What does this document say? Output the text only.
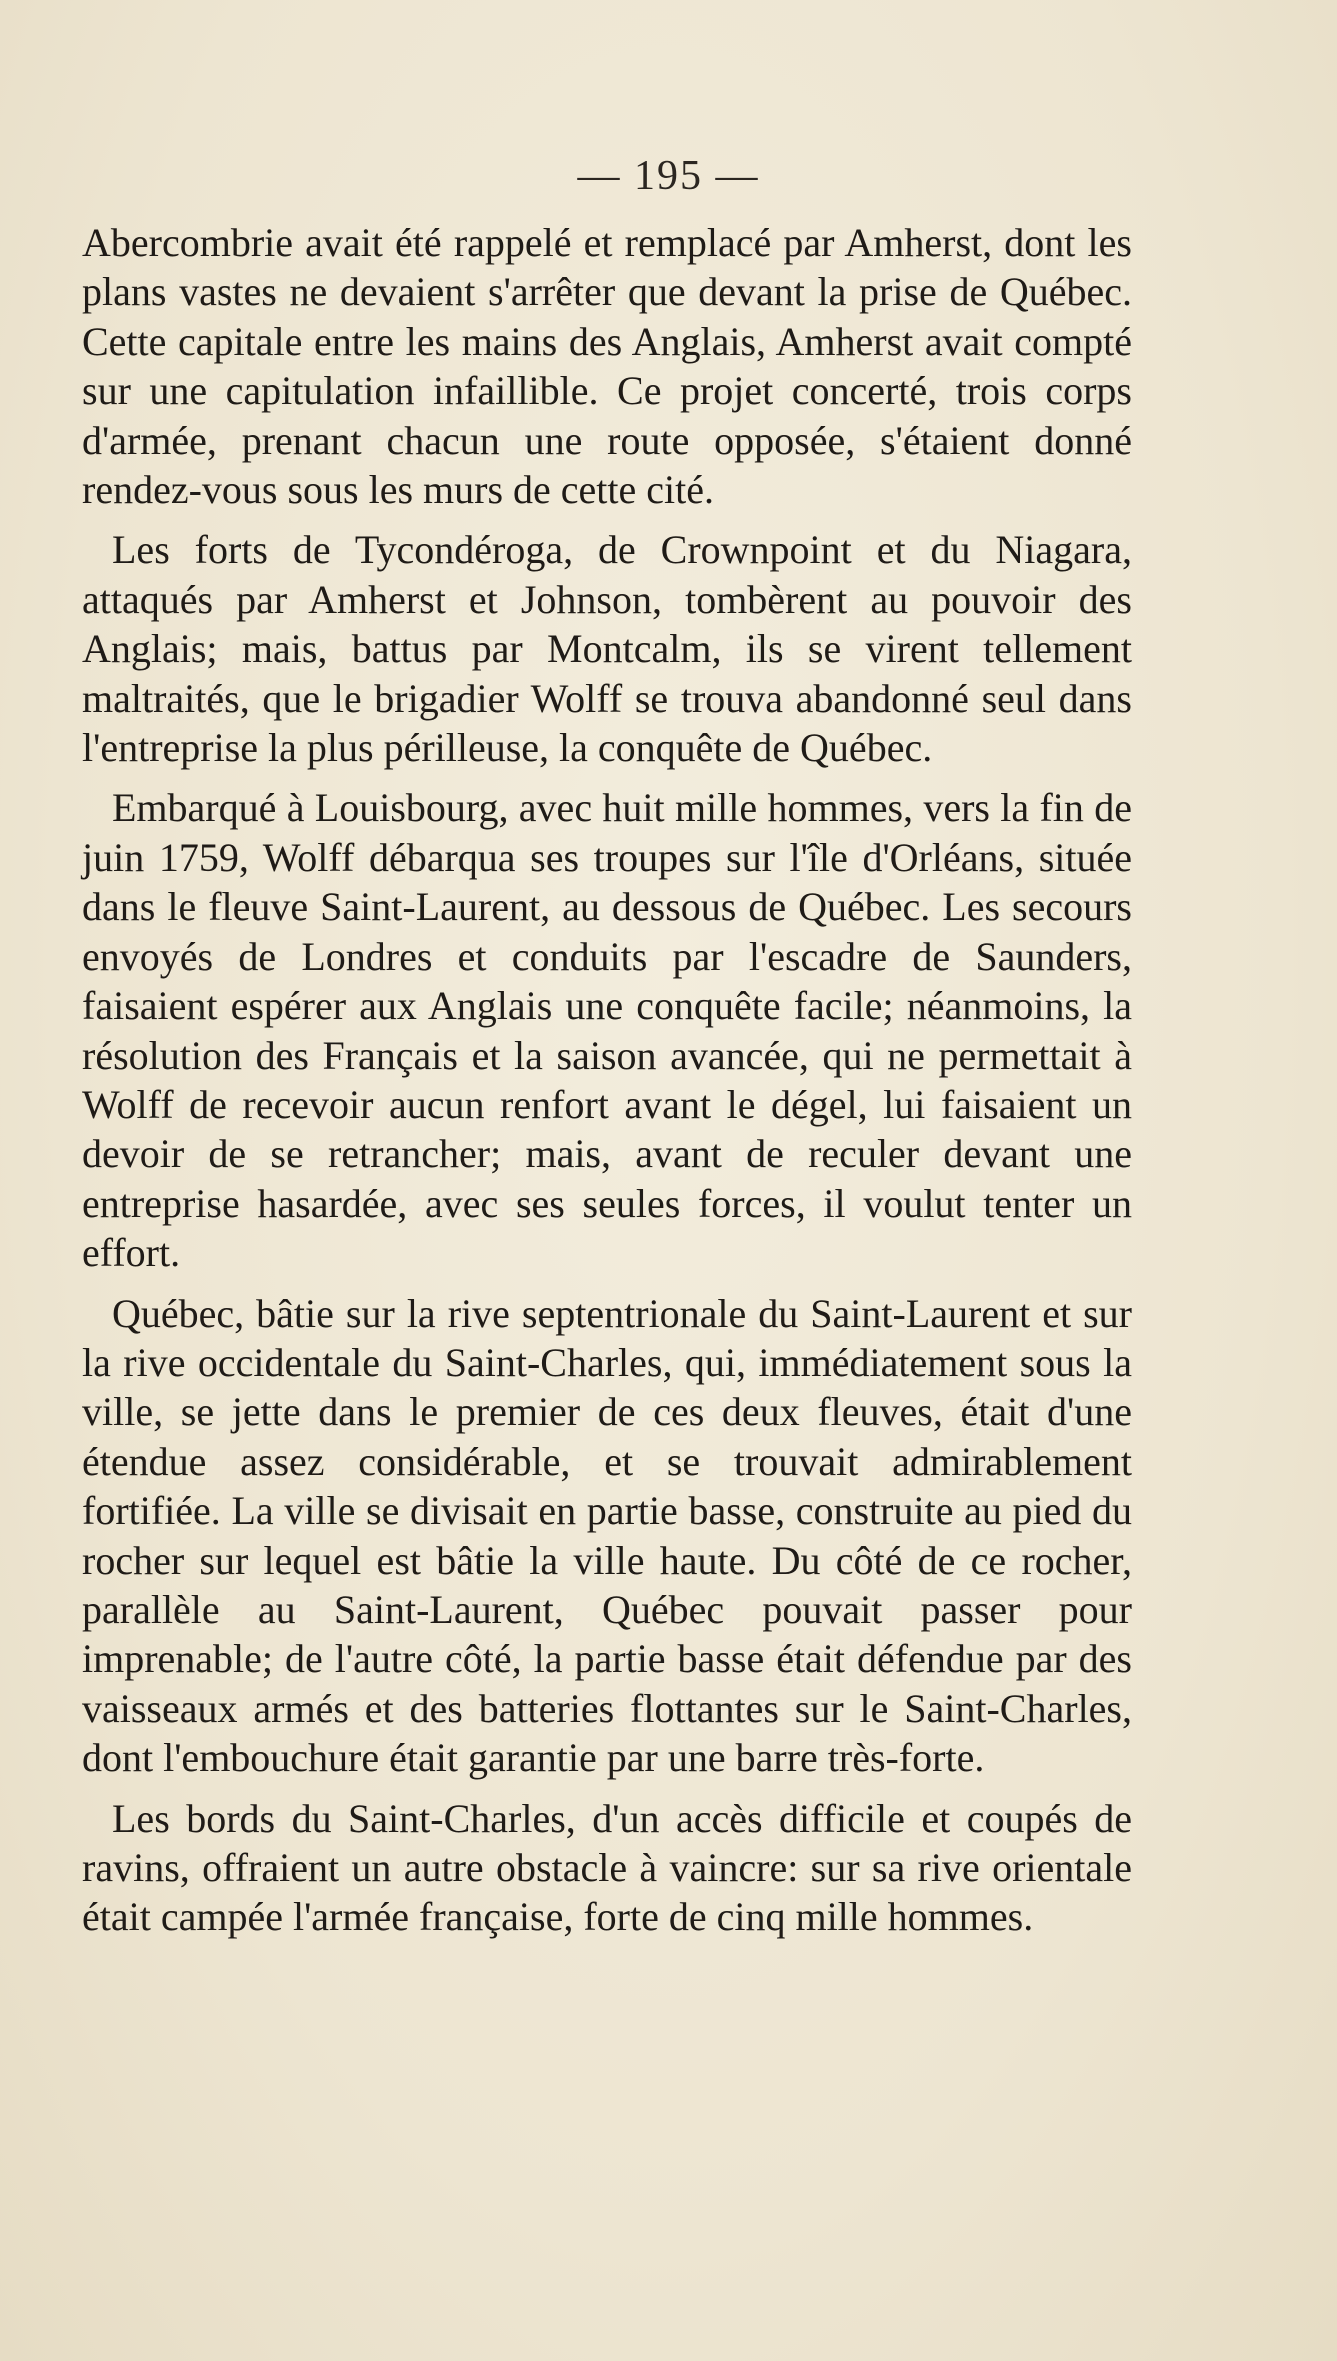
— 195 —

Abercombrie avait été rappelé et remplacé par Amherst, dont les plans vastes ne devaient s'arrêter que devant la prise de Québec. Cette capitale entre les mains des Anglais, Amherst avait compté sur une capitulation infaillible. Ce projet concerté, trois corps d'armée, prenant chacun une route opposée, s'étaient donné rendez-vous sous les murs de cette cité.

Les forts de Tycondéroga, de Crownpoint et du Niagara, attaqués par Amherst et Johnson, tombèrent au pouvoir des Anglais; mais, battus par Montcalm, ils se virent tellement maltraités, que le brigadier Wolff se trouva abandonné seul dans l'entreprise la plus périlleuse, la conquête de Québec.

Embarqué à Louisbourg, avec huit mille hommes, vers la fin de juin 1759, Wolff débarqua ses troupes sur l'île d'Orléans, située dans le fleuve Saint-Laurent, au dessous de Québec. Les secours envoyés de Londres et conduits par l'escadre de Saunders, faisaient espérer aux Anglais une conquête facile; néanmoins, la résolution des Français et la saison avancée, qui ne permettait à Wolff de recevoir aucun renfort avant le dégel, lui faisaient un devoir de se retrancher; mais, avant de reculer devant une entreprise hasardée, avec ses seules forces, il voulut tenter un effort.

Québec, bâtie sur la rive septentrionale du Saint-Laurent et sur la rive occidentale du Saint-Charles, qui, immédiatement sous la ville, se jette dans le premier de ces deux fleuves, était d'une étendue assez considérable, et se trouvait admirablement fortifiée. La ville se divisait en partie basse, construite au pied du rocher sur lequel est bâtie la ville haute. Du côté de ce rocher, parallèle au Saint-Laurent, Québec pouvait passer pour imprenable; de l'autre côté, la partie basse était défendue par des vaisseaux armés et des batteries flottantes sur le Saint-Charles, dont l'embouchure était garantie par une barre très-forte.

Les bords du Saint-Charles, d'un accès difficile et coupés de ravins, offraient un autre obstacle à vaincre: sur sa rive orientale était campée l'armée française, forte de cinq mille hommes.
